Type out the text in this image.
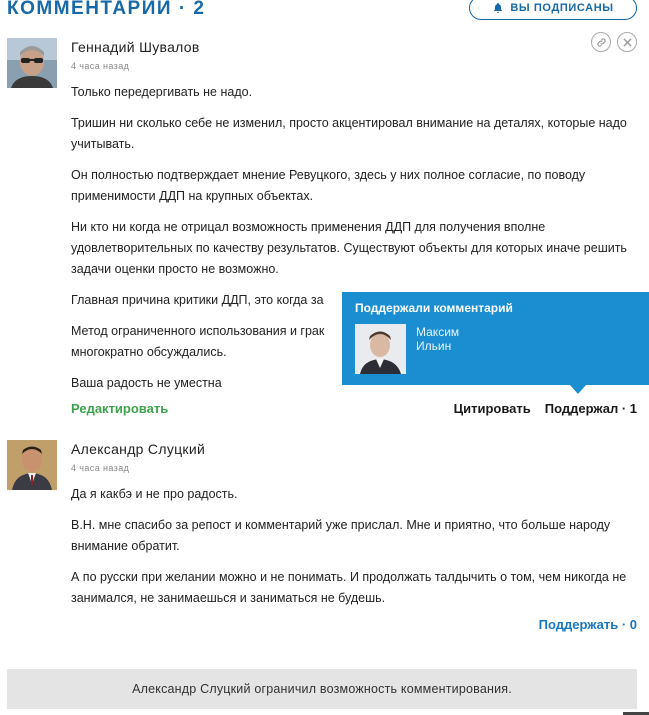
КОММЕНТАРИИ · 2	ВЫ ПОДПИСАНЫ
Геннадий Шувалов
4 часа назад

Только передергивать не надо.

Тришин ни сколько себе не изменил, просто акцентировал внимание на деталях, которые надо учитывать.

Он полностью подтверждает мнение Ревуцкого, здесь у них полное согласие, по поводу применимости ДДП на крупных объектах.

Ни кто ни когда не отрицал возможность применения ДДП для получения вполне удовлетворительных по качеству результатов. Существуют объекты для которых иначе решить задачи оценки просто не возможно.

Главная причина критики ДДП, это когда за

Метод ограниченного использования и грак

многократно обсуждались.

Ваша радость не уместна

Редактировать	Цитировать Поддержал · 1
Поддержали комментарий
Максим
Ильин
Александр Слуцкий
4 часа назад

Да я какбэ и не про радость.

В.Н. мне спасибо за репост и комментарий уже прислал. Мне и приятно, что больше народу внимание обратит.

А по русски при желании можно и не понимать. И продолжать талдычить о том, чем никогда не занимался, не занимаешься и заниматься не будешь.

Поддержать · 0
Александр Слуцкий ограничил возможность комментирования.
